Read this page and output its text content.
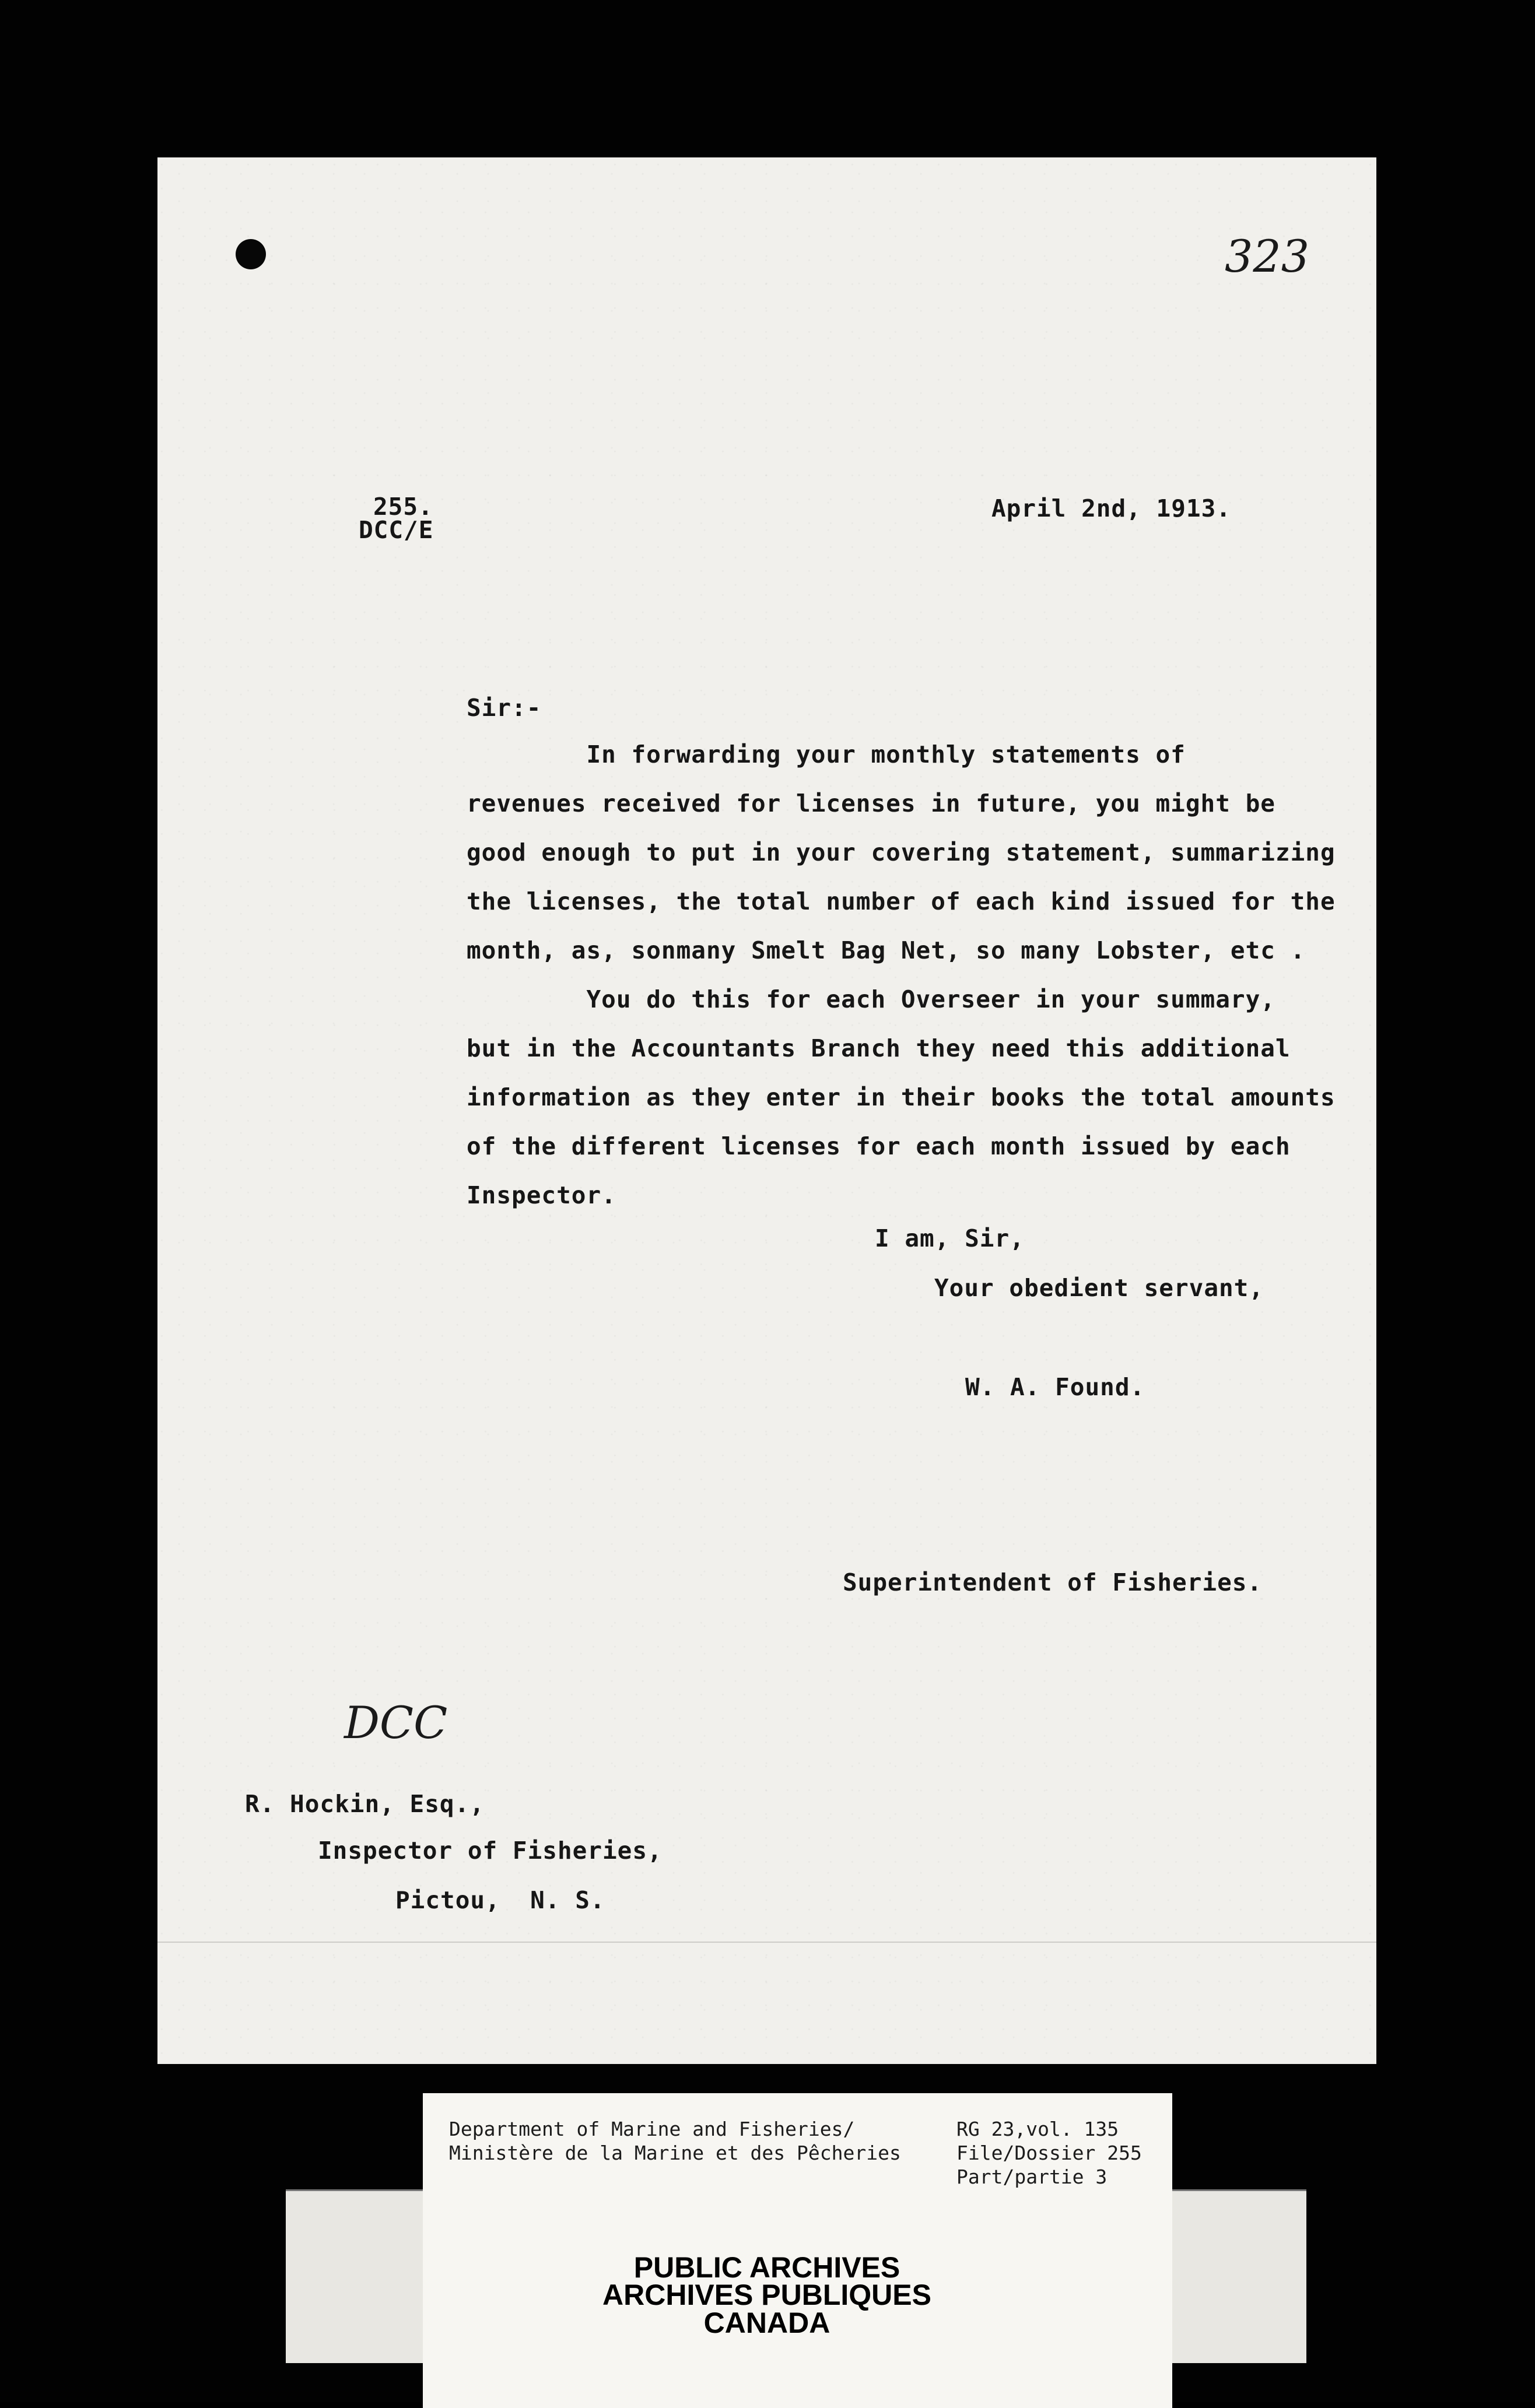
323
255.
DCC/E
April 2nd, 1913.
Sir:-
In forwarding your monthly statements of
revenues received for licenses in future, you might be
good enough to put in your covering statement, summarizing
the licenses, the total number of each kind issued for the
month, as, sonmany Smelt Bag Net, so many Lobster, etc .
You do this for each Overseer in your summary,
but in the Accountants Branch they need this additional
information as they enter in their books the total amounts
of the different licenses for each month issued by each
Inspector.
I am, Sir,
Your obedient servant,
W. A. Found.
Superintendent of Fisheries.
DCC
R. Hockin, Esq.,
Inspector of Fisheries,
Pictou,  N. S.
Department of Marine and Fisheries/
Ministère de la Marine et des Pêcheries
RG 23,vol. 135
File/Dossier 255
Part/partie 3
PUBLIC ARCHIVES
ARCHIVES PUBLIQUES
CANADA
